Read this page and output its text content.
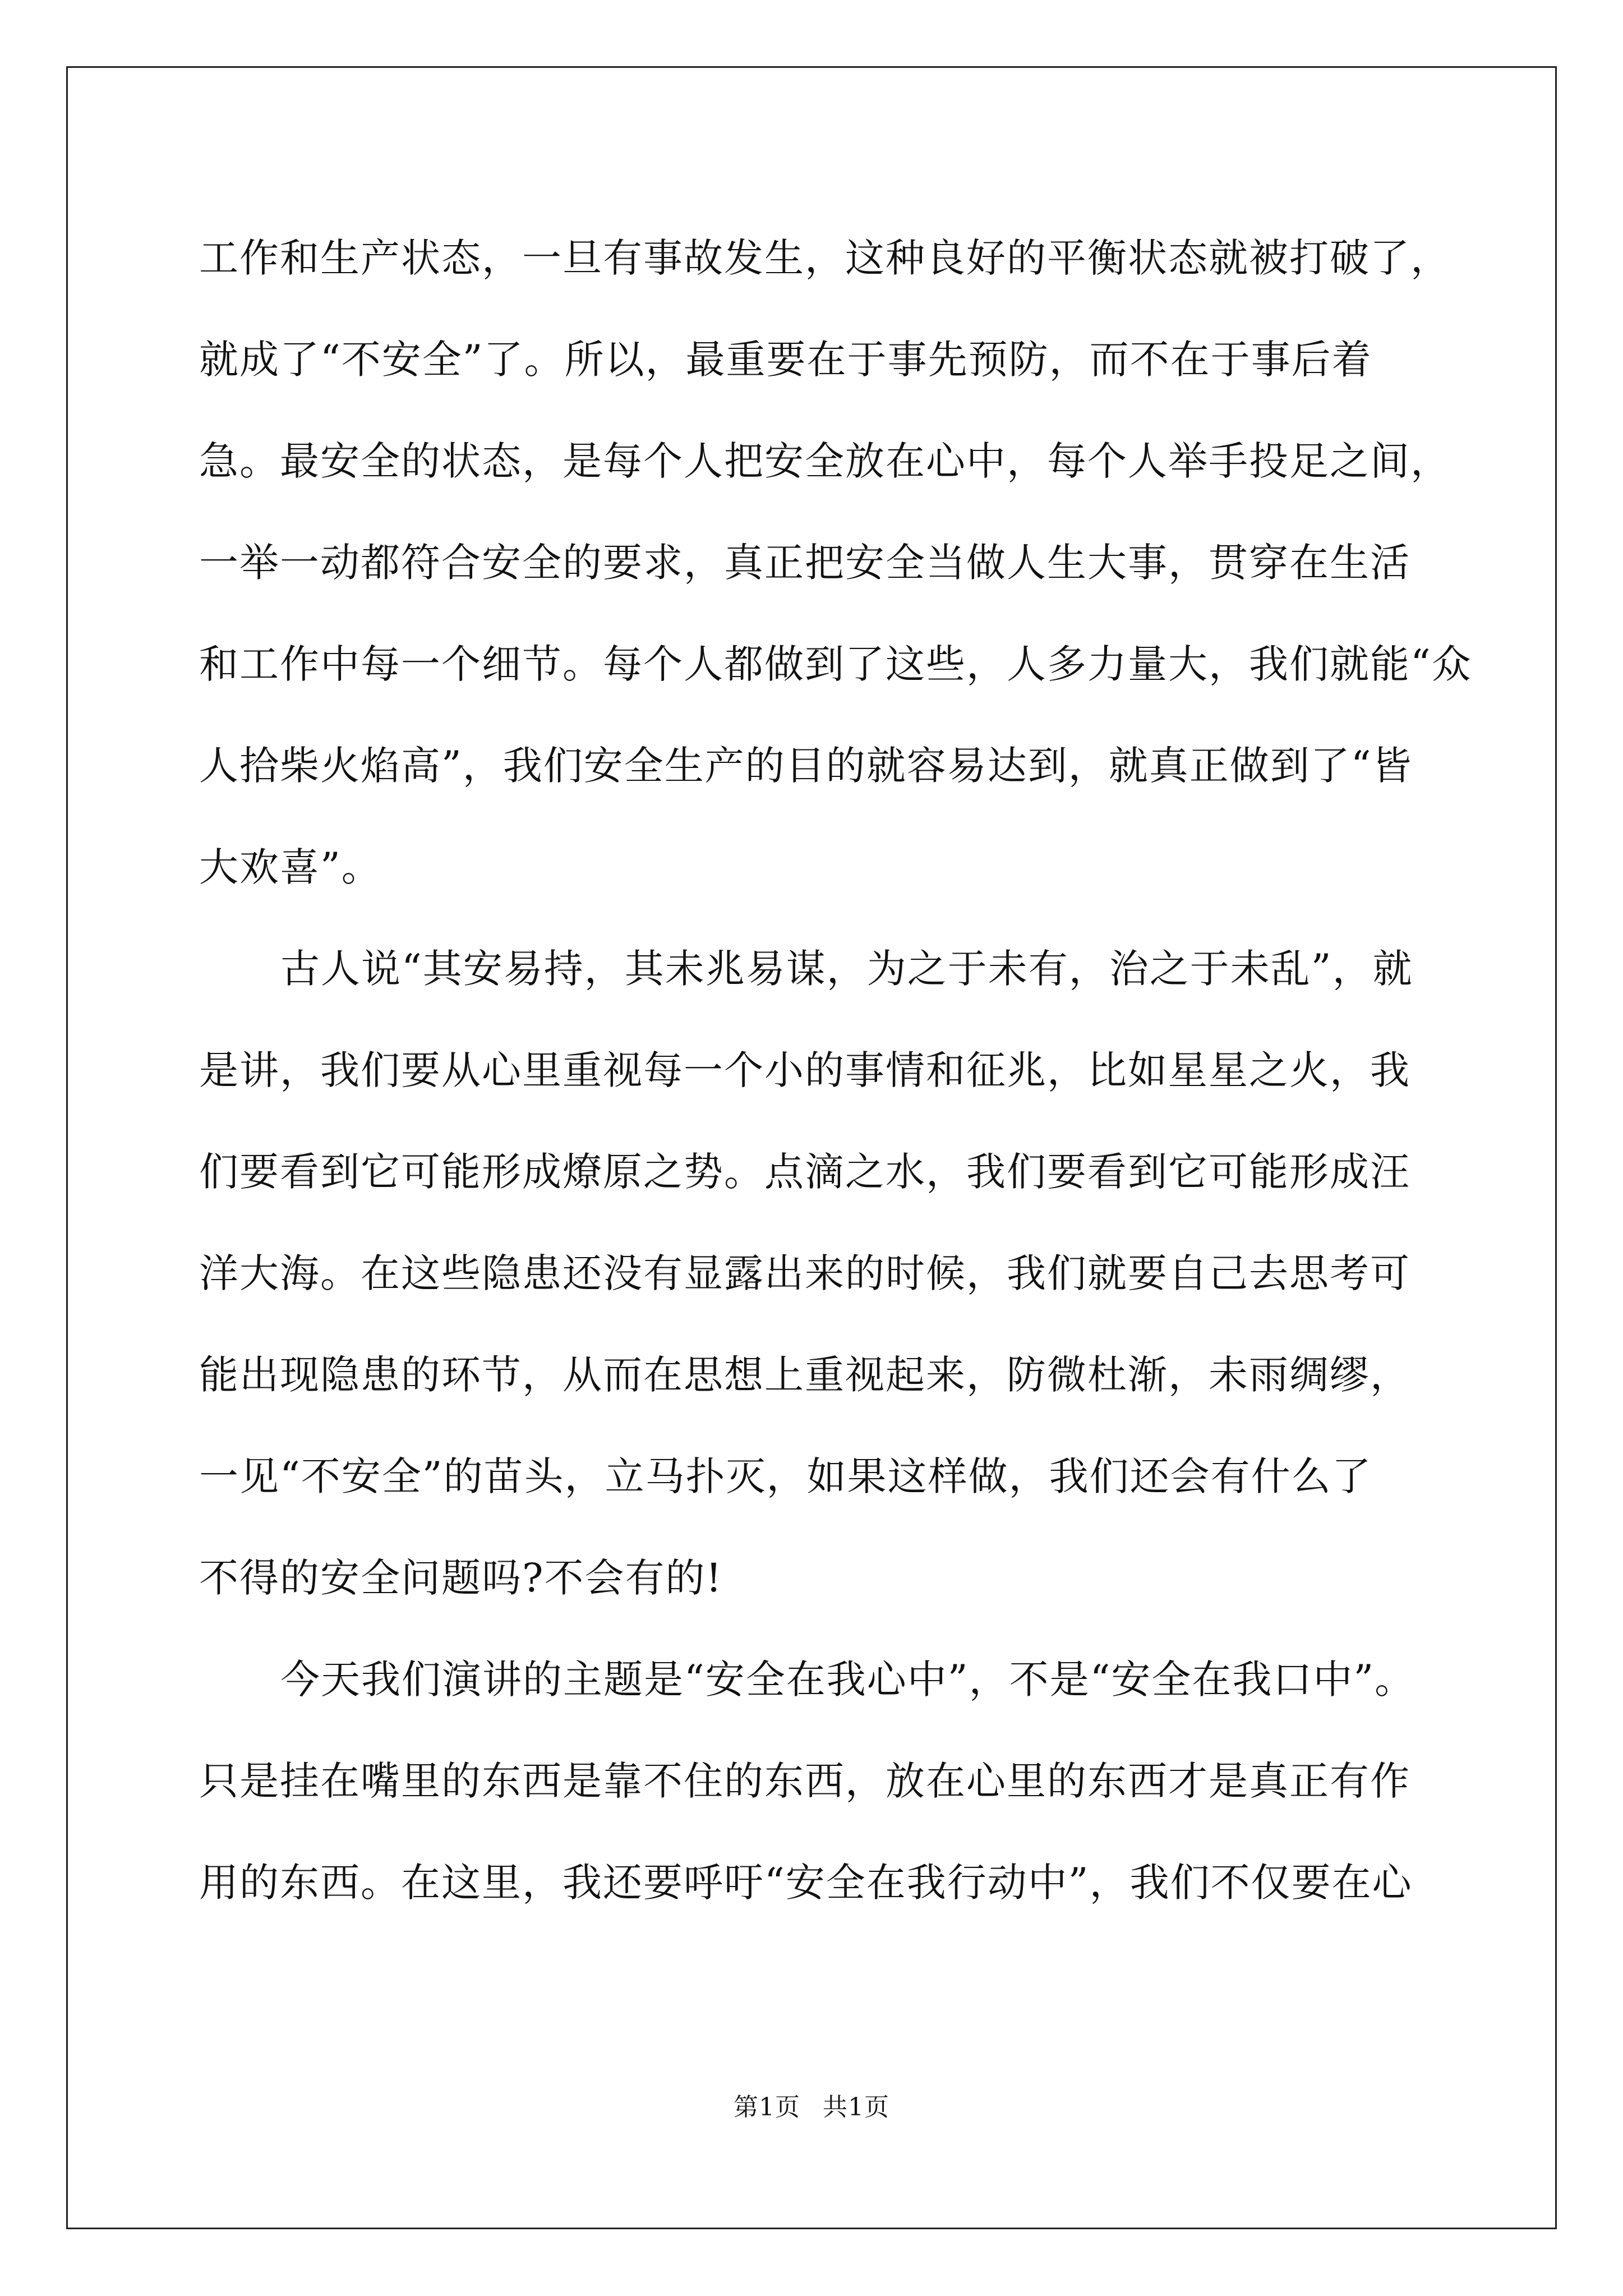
工作和生产状态，一旦有事故发生，这种良好的平衡状态就被打破了，
就成了“不安全”了。所以，最重要在于事先预防，而不在于事后着
急。最安全的状态，是每个人把安全放在心中，每个人举手投足之间，
一举一动都符合安全的要求，真正把安全当做人生大事，贯穿在生活
和工作中每一个细节。每个人都做到了这些，人多力量大，我们就能“众
人拾柴火焰高”，我们安全生产的目的就容易达到，就真正做到了“皆
大欢喜”。

古人说“其安易持，其未兆易谋，为之于未有，治之于未乱”，就
是讲，我们要从心里重视每一个小的事情和征兆，比如星星之火，我
们要看到它可能形成燎原之势。点滴之水，我们要看到它可能形成汪
洋大海。在这些隐患还没有显露出来的时候，我们就要自己去思考可
能出现隐患的环节，从而在思想上重视起来，防微杜渐，未雨绸缪，
一见“不安全”的苗头，立马扑灭，如果这样做，我们还会有什么了
不得的安全问题吗?不会有的!

今天我们演讲的主题是“安全在我心中”，不是“安全在我口中”。
只是挂在嘴里的东西是靠不住的东西，放在心里的东西才是真正有作
用的东西。在这里，我还要呼吁“安全在我行动中”，我们不仅要在心

第1页 共1页
